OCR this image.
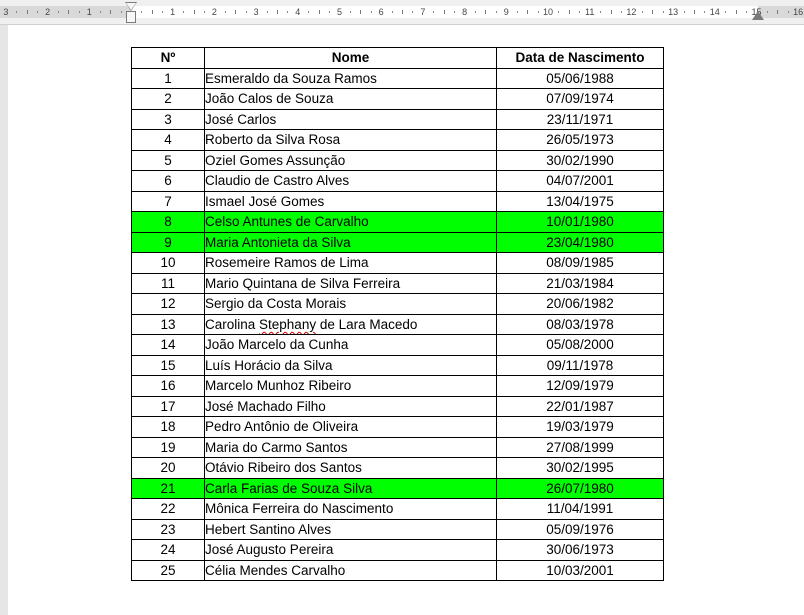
3	2	1	1	2	3	4	5	6	7	8	9	10	11	12	13	14	15	16
Nº	Nome	Data de Nascimento
1	Esmeraldo da Souza Ramos	05/06/1988
2	João Calos de Souza	07/09/1974
3	José Carlos	23/11/1971
4	Roberto da Silva Rosa	26/05/1973
5	Oziel Gomes Assunção	30/02/1990
6	Claudio de Castro Alves	04/07/2001
7	Ismael José Gomes	13/04/1975
8	Celso Antunes de Carvalho	10/01/1980
9	Maria Antonieta da Silva	23/04/1980
10	Rosemeire Ramos de Lima	08/09/1985
11	Mario Quintana de Silva Ferreira	21/03/1984
12	Sergio da Costa Morais	20/06/1982
13	Carolina Stephany de Lara Macedo	08/03/1978
14	João Marcelo da Cunha	05/08/2000
15	Luís Horácio da Silva	09/11/1978
16	Marcelo Munhoz Ribeiro	12/09/1979
17	José Machado Filho	22/01/1987
18	Pedro Antônio de Oliveira	19/03/1979
19	Maria do Carmo Santos	27/08/1999
20	Otávio Ribeiro dos Santos	30/02/1995
21	Carla Farias de Souza Silva	26/07/1980
22	Mônica Ferreira do Nascimento	11/04/1991
23	Hebert Santino Alves	05/09/1976
24	José Augusto Pereira	30/06/1973
25	Célia Mendes Carvalho	10/03/2001
